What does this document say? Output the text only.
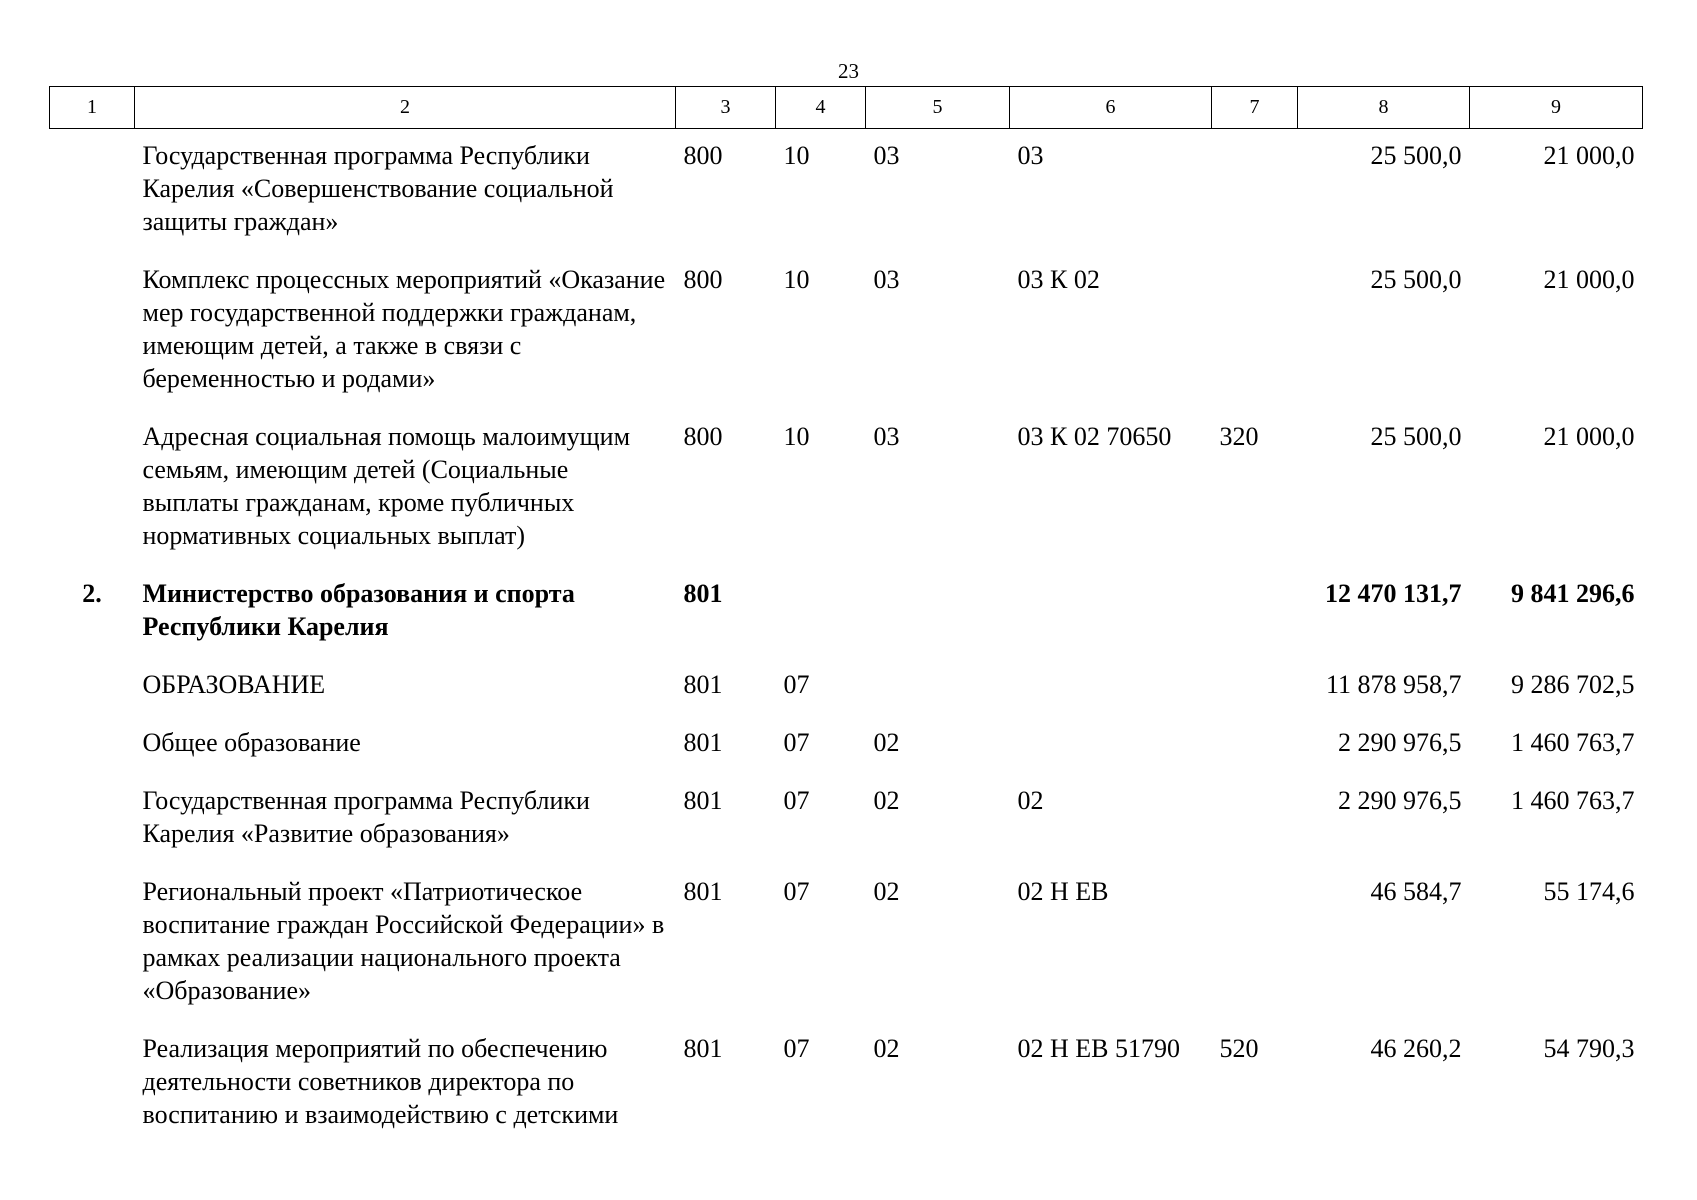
23
1	2	3	4	5	6	7	8	9
	Государственная программа Республики Карелия «Совершенствование социальной защиты граждан»	800	10	03	03		25 500,0	21 000,0
	Комплекс процессных мероприятий «Оказание мер государственной поддержки гражданам, имеющим детей, а также в связи с беременностью и родами»	800	10	03	03 К 02		25 500,0	21 000,0
	Адресная социальная помощь малоимущим семьям, имеющим детей (Социальные выплаты гражданам, кроме публичных нормативных социальных выплат)	800	10	03	03 К 02 70650	320	25 500,0	21 000,0
2.	Министерство образования и спорта Республики Карелия	801					12 470 131,7	9 841 296,6
	ОБРАЗОВАНИЕ	801	07				11 878 958,7	9 286 702,5
	Общее образование	801	07	02			2 290 976,5	1 460 763,7
	Государственная программа Республики Карелия «Развитие образования»	801	07	02	02		2 290 976,5	1 460 763,7
	Региональный проект «Патриотическое воспитание граждан Российской Федерации» в рамках реализации национального проекта «Образование»	801	07	02	02 Н ЕВ		46 584,7	55 174,6
	Реализация мероприятий по обеспечению деятельности советников директора по воспитанию и взаимодействию с детскими	801	07	02	02 Н ЕВ 51790	520	46 260,2	54 790,3
